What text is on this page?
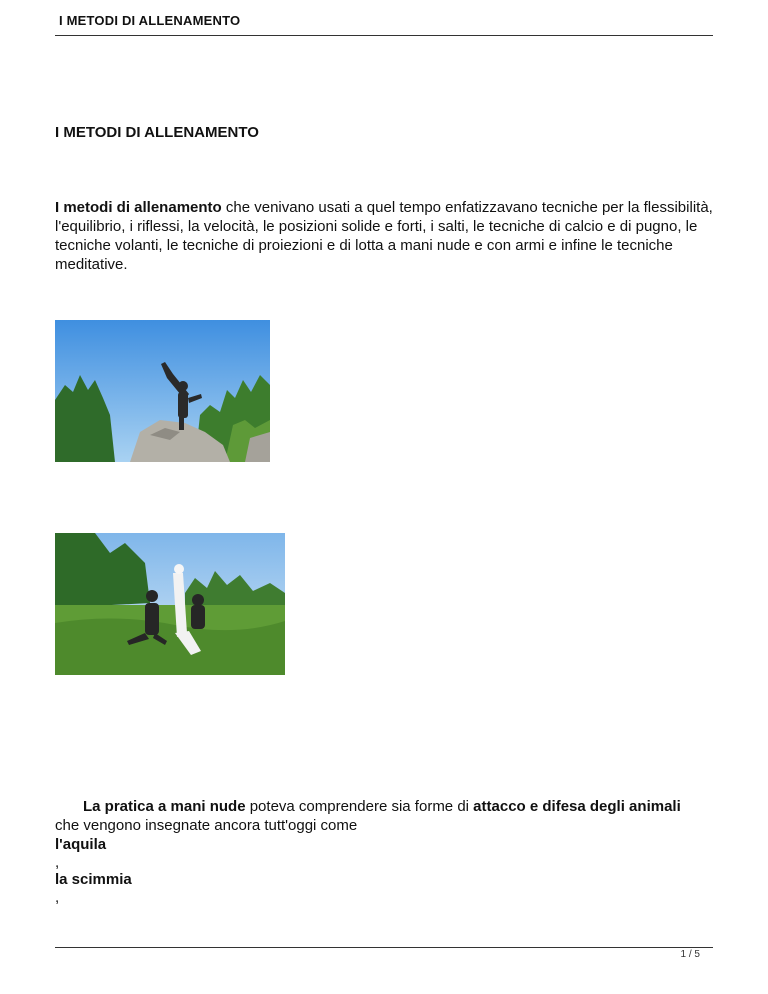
I METODI DI ALLENAMENTO
I METODI DI ALLENAMENTO
I metodi di allenamento che venivano usati a quel tempo enfatizzavano tecniche per la flessibilità, l'equilibrio, i riflessi, la velocità, le posizioni solide e forti, i salti, le tecniche di calcio e di pugno, le tecniche volanti, le tecniche di proiezioni e di lotta a mani nude e con armi e infine le tecniche meditative.
La pratica a mani nude poteva comprendere sia forme di attacco e difesa degli animali
che vengono insegnate ancora tutt'oggi come
l'aquila
,
la scimmia
,
1 / 5
